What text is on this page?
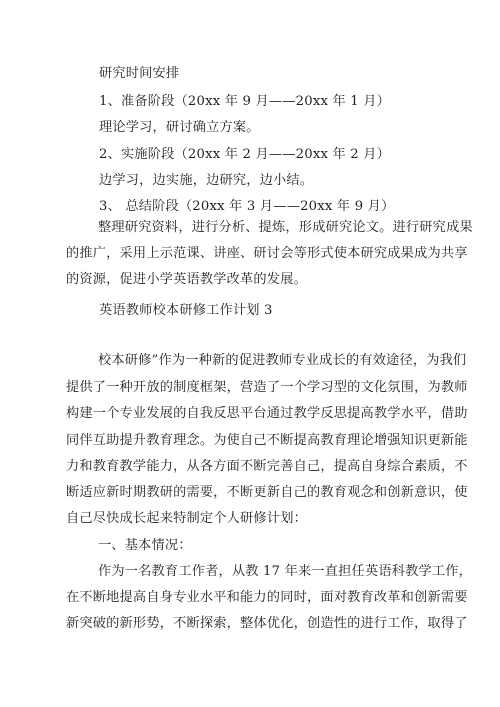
研究时间安排
1、准备阶段（20xx 年 9 月——20xx 年 1 月）
理论学习，研讨确立方案。
2、实施阶段（20xx 年 2 月——20xx 年 2 月）
边学习，边实施，边研究，边小结。
3、 总结阶段（20xx 年 3 月——20xx 年 9 月）
整理研究资料，进行分析、提炼，形成研究论文。进行研究成果
的推广，采用上示范课、讲座、研讨会等形式使本研究成果成为共享
的资源，促进小学英语教学改革的发展。
英语教师校本研修工作计划 3
校本研修”作为一种新的促进教师专业成长的有效途径，为我们
提供了一种开放的制度框架，营造了一个学习型的文化氛围，为教师
构建一个专业发展的自我反思平台通过教学反思提高教学水平，借助
同伴互助提升教育理念。为使自己不断提高教育理论增强知识更新能
力和教育教学能力，从各方面不断完善自己，提高自身综合素质，不
断适应新时期教研的需要，不断更新自己的教育观念和创新意识，使
自己尽快成长起来特制定个人研修计划：
一、基本情况：
作为一名教育工作者，从教 17 年来一直担任英语科教学工作，
在不断地提高自身专业水平和能力的同时，面对教育改革和创新需要
新突破的新形势，不断探索，整体优化，创造性的进行工作，取得了
